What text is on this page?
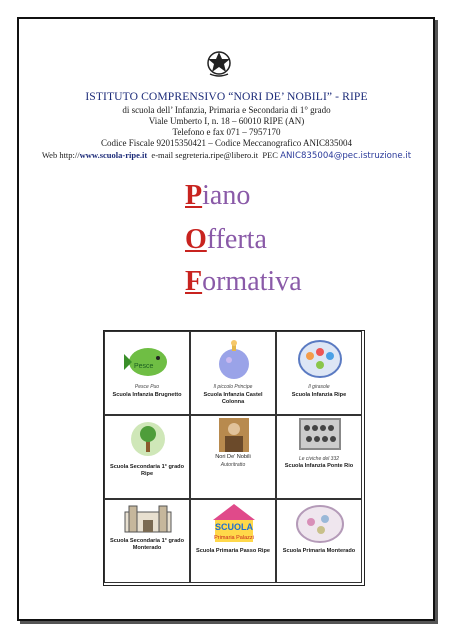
ISTITUTO COMPRENSIVO “NORI DE’ NOBILI” - RIPE
di scuola dell’ Infanzia, Primaria e Secondaria di 1° grado
Viale Umberto I, n. 18 – 60010 RIPE (AN)
Telefono e fax 071 – 7957170
Codice Fiscale 92015350421 – Codice Meccanografico ANIC835004
Web http://www.scuola-ripe.it e-mail segreteria.ripe@libero.it PEC ANIC835004@pec.istruzione.it
Piano
Offerta
Formativa
Pesce
Pesce Puo
Scuola Infanzia Brugnetto
Il piccolo Principe
Scuola Infanzia Castel Colonna
Il girasole
Scuola Infanzia Ripe
Scuola Secondaria 1° grado Ripe
Nori De’ Nobili
Autoritratto
Le civiche del 332
Scuola Infanzia Ponte Rio
Scuola Secondaria 1° grado Monterado
SCUOLA
Primaria Palazzi
Scuola Primaria Passo Ripe	Scuola Primaria Monterado
